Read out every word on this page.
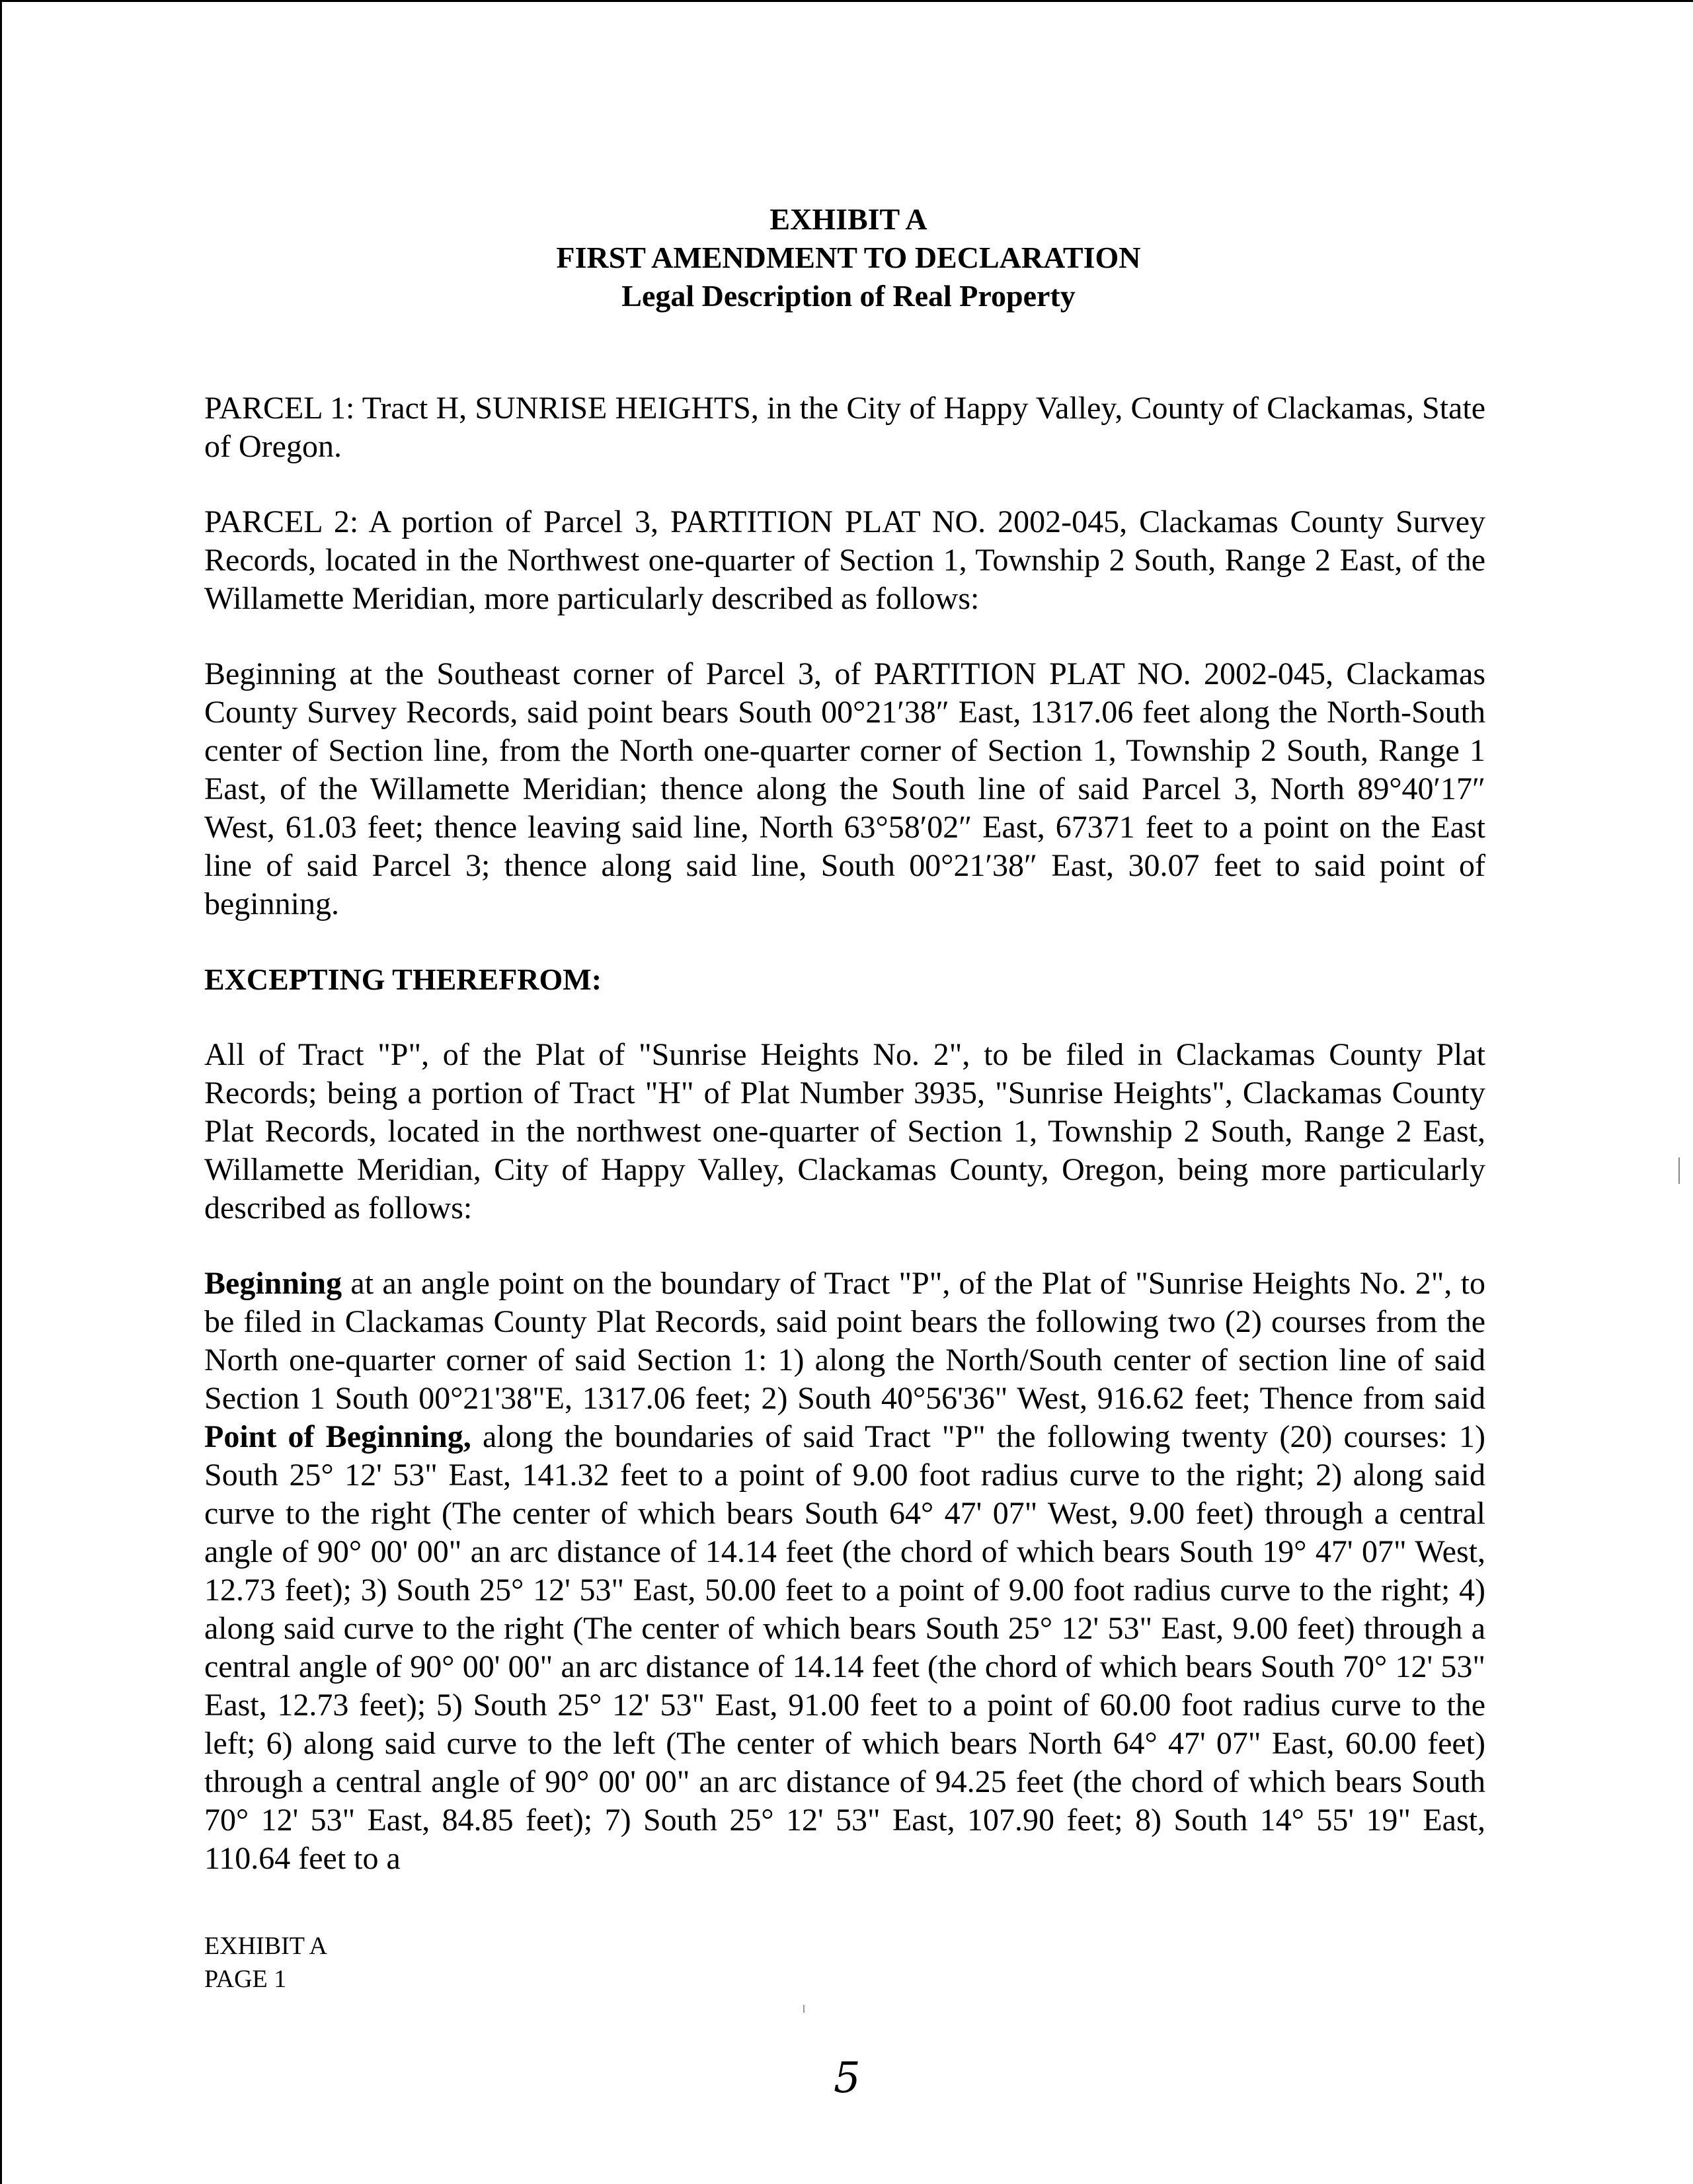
EXHIBIT A
FIRST AMENDMENT TO DECLARATION
Legal Description of Real Property

PARCEL 1: Tract H, SUNRISE HEIGHTS, in the City of Happy Valley, County of Clackamas, State of Oregon.

PARCEL 2: A portion of Parcel 3, PARTITION PLAT NO. 2002-045, Clackamas County Survey Records, located in the Northwest one-quarter of Section 1, Township 2 South, Range 2 East, of the Willamette Meridian, more particularly described as follows:

Beginning at the Southeast corner of Parcel 3, of PARTITION PLAT NO. 2002-045, Clackamas County Survey Records, said point bears South 00°21′38″ East, 1317.06 feet along the North-South center of Section line, from the North one-quarter corner of Section 1, Township 2 South, Range 1 East, of the Willamette Meridian; thence along the South line of said Parcel 3, North 89°40′17″ West, 61.03 feet; thence leaving said line, North 63°58′02″ East, 67371 feet to a point on the East line of said Parcel 3; thence along said line, South 00°21′38″ East, 30.07 feet to said point of beginning.

EXCEPTING THEREFROM:

All of Tract "P", of the Plat of "Sunrise Heights No. 2", to be filed in Clackamas County Plat Records; being a portion of Tract "H" of Plat Number 3935, "Sunrise Heights", Clackamas County Plat Records, located in the northwest one-quarter of Section 1, Township 2 South, Range 2 East, Willamette Meridian, City of Happy Valley, Clackamas County, Oregon, being more particularly described as follows:

Beginning at an angle point on the boundary of Tract "P", of the Plat of "Sunrise Heights No. 2", to be filed in Clackamas County Plat Records, said point bears the following two (2) courses from the North one-quarter corner of said Section 1: 1) along the North/South center of section line of said Section 1 South 00°21'38"E, 1317.06 feet; 2) South 40°56'36" West, 916.62 feet; Thence from said Point of Beginning, along the boundaries of said Tract "P" the following twenty (20) courses: 1) South 25° 12' 53" East, 141.32 feet to a point of 9.00 foot radius curve to the right; 2) along said curve to the right (The center of which bears South 64° 47' 07" West, 9.00 feet) through a central angle of 90° 00' 00" an arc distance of 14.14 feet (the chord of which bears South 19° 47' 07" West, 12.73 feet); 3) South 25° 12' 53" East, 50.00 feet to a point of 9.00 foot radius curve to the right; 4) along said curve to the right (The center of which bears South 25° 12' 53" East, 9.00 feet) through a central angle of 90° 00' 00" an arc distance of 14.14 feet (the chord of which bears South 70° 12' 53" East, 12.73 feet); 5) South 25° 12' 53" East, 91.00 feet to a point of 60.00 foot radius curve to the left; 6) along said curve to the left (The center of which bears North 64° 47' 07" East, 60.00 feet) through a central angle of 90° 00' 00" an arc distance of 94.25 feet (the chord of which bears South 70° 12' 53" East, 84.85 feet); 7) South 25° 12' 53" East, 107.90 feet; 8) South 14° 55' 19" East, 110.64 feet to a

EXHIBIT A
PAGE 1
5
